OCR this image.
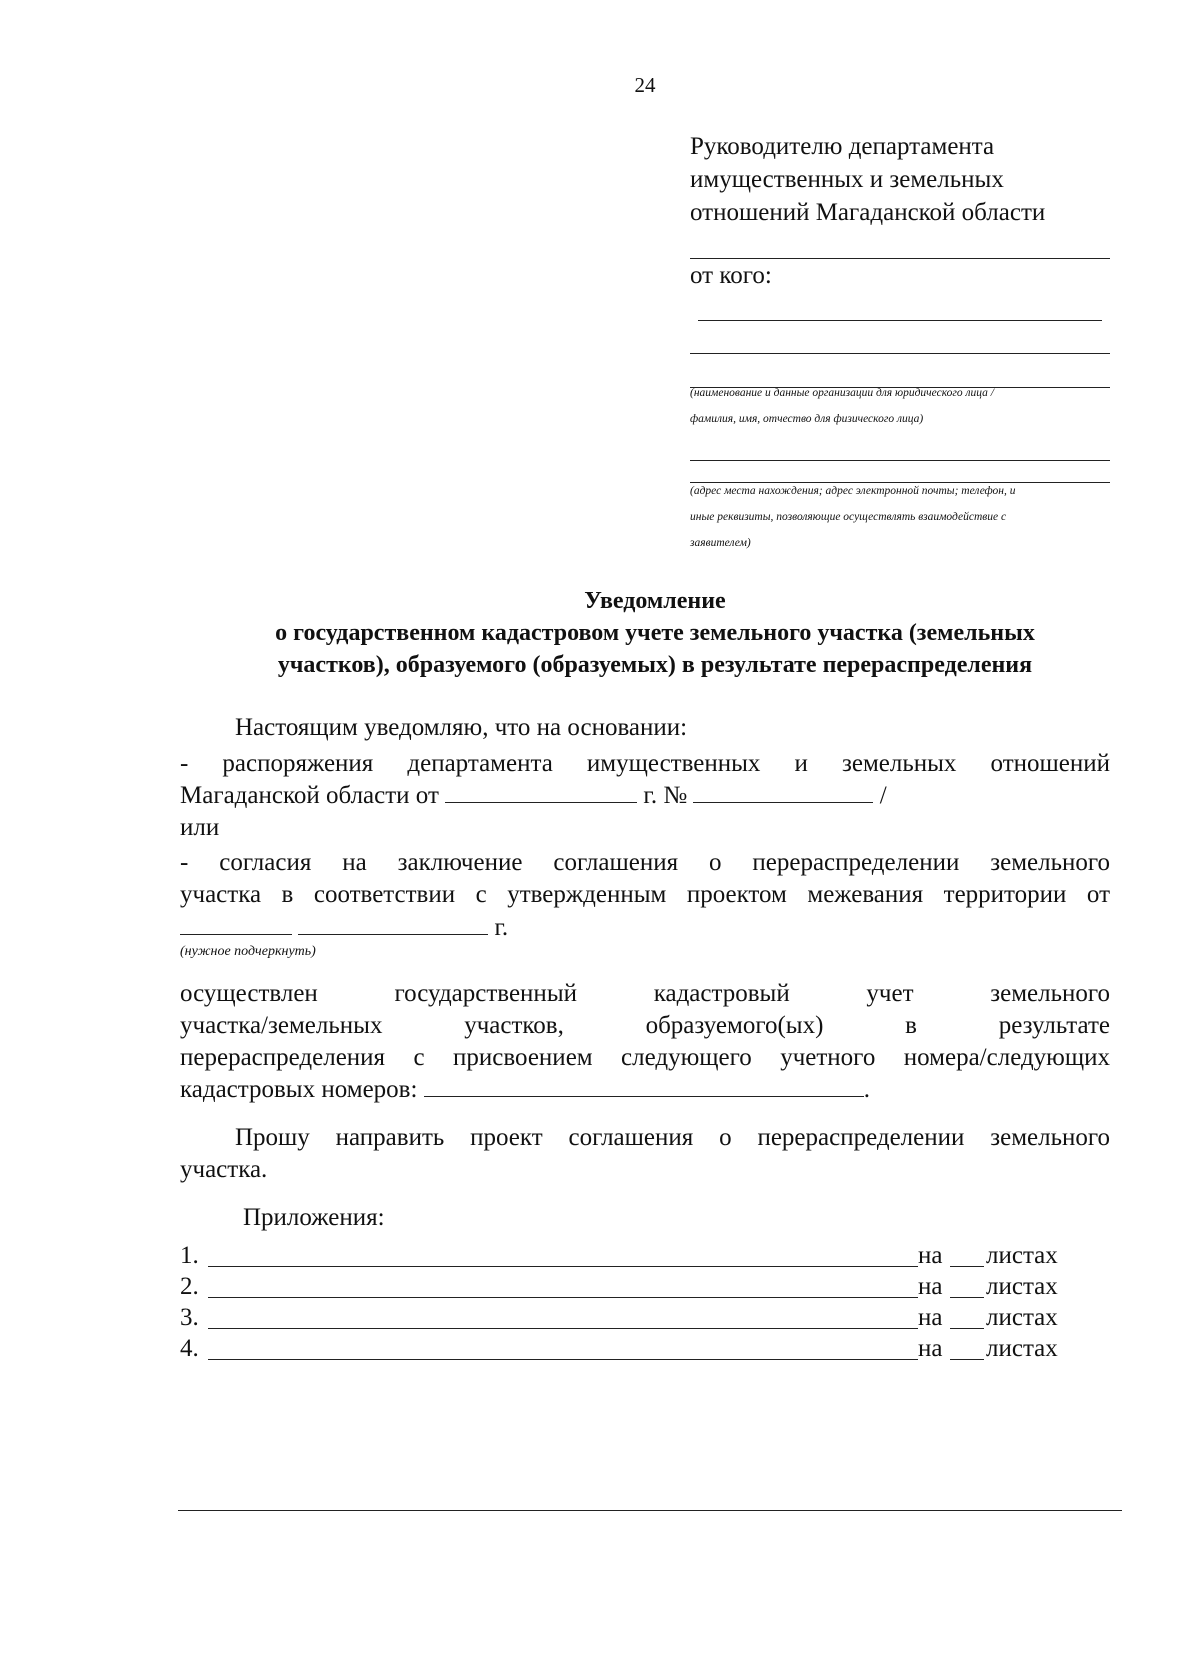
24
Руководителю департамента
имущественных и земельных
отношений Магаданской области
от кого:
(наименование и данные организации для юридического лица /
фамилия, имя, отчество для физического лица)
(адрес места нахождения; адрес электронной почты; телефон, и
иные реквизиты, позволяющие осуществлять взаимодействие с
заявителем)
Уведомление
о государственном кадастровом учете земельного участка (земельных
участков), образуемого (образуемых) в результате перераспределения
Настоящим уведомляю, что на основании:
- распоряжения департамента имущественных и земельных отношений
Магаданской области от	г. №	/
или
- согласия на заключение соглашения о перераспределении земельного
участка в соответствии с утвержденным проектом межевания территории от
г.
(нужное подчеркнуть)
осуществлен государственный кадастровый учет земельного
участка/земельных участков, образуемого(ых) в результате
перераспределения с присвоением следующего учетного номера/следующих
кадастровых номеров:	.
Прошу направить проект соглашения о перераспределении земельного
участка.
Приложения:
1.	на листах
2.	на листах
3.	на листах
4.	на листах
